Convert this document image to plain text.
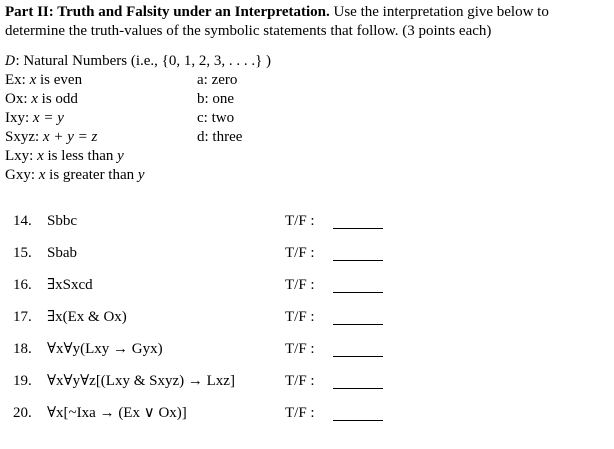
Part II: Truth and Falsity under an Interpretation. Use the interpretation give below to determine the truth-values of the symbolic statements that follow. (3 points each)

D: Natural Numbers (i.e., {0, 1, 2, 3, . . . .} )
Ex: x is even
Ox: x is odd
Ixy: x = y
Sxyz: x + y = z
Lxy: x is less than y
Gxy: x is greater than y
a: zero
b: one
c: two
d: three
14. Sbbc	T/F :
15. Sbab	T/F :
16. ∃xSxcd	T/F :
17. ∃x(Ex & Ox)	T/F :
18. ∀x∀y(Lxy → Gyx)	T/F :
19. ∀x∀y∀z[(Lxy & Sxyz) → Lxz]	T/F :
20. ∀x[~Ixa → (Ex ∨ Ox)]	T/F :
